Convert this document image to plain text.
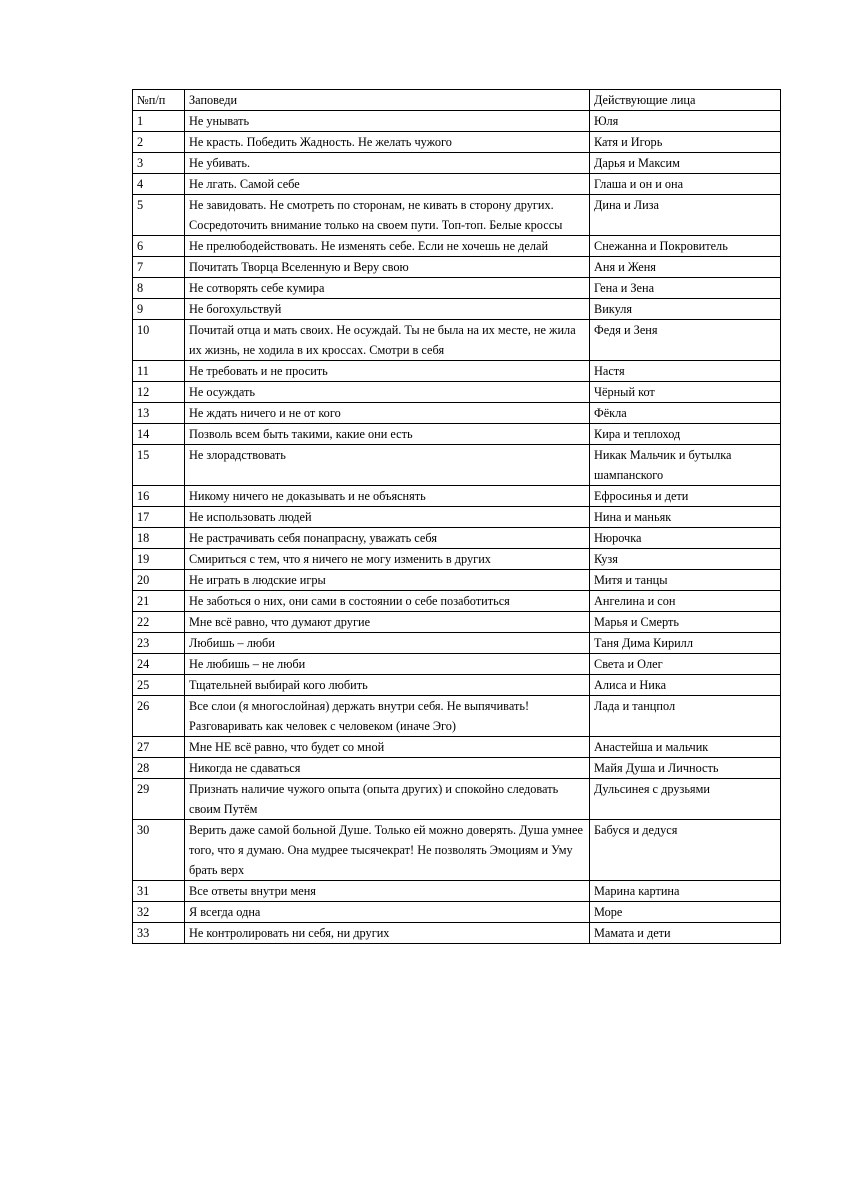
№п/п	Заповеди	Действующие лица
1	Не унывать	Юля
2	Не красть. Победить Жадность. Не желать чужого	Катя и Игорь
3	Не убивать.	Дарья и Максим
4	Не лгать. Самой себе	Глаша и он и она
5	Не завидовать. Не смотреть по сторонам, не кивать в сторону других. Сосредоточить внимание только на своем пути. Топ-топ. Белые кроссы	Дина и Лиза
6	Не прелюбодействовать. Не изменять себе. Если не хочешь не делай	Снежанна и Покровитель
7	Почитать Творца Вселенную и Веру свою	Аня и Женя
8	Не сотворять себе кумира	Гена и Зена
9	Не богохульствуй	Викуля
10	Почитай отца и мать своих. Не осуждай. Ты не была на их месте, не жила их жизнь, не ходила в их кроссах. Смотри в себя	Федя и Зеня
11	Не требовать и не просить	Настя
12	Не осуждать	Чёрный кот
13	Не ждать ничего и не от кого	Фёкла
14	Позволь всем быть такими, какие они есть	Кира и теплоход
15	Не злорадствовать	Никак Мальчик и бутылка шампанского
16	Никому ничего не доказывать и не объяснять	Ефросинья и дети
17	Не использовать людей	Нина и маньяк
18	Не растрачивать себя понапрасну, уважать себя	Нюрочка
19	Смириться с тем, что я ничего не могу изменить в других	Кузя
20	Не играть в людские игры	Митя и танцы
21	Не заботься о них, они сами в состоянии о себе позаботиться	Ангелина и сон
22	Мне всё равно, что думают другие	Марья и Смерть
23	Любишь – люби	Таня Дима Кирилл
24	Не любишь – не люби	Света и Олег
25	Тщательней выбирай кого любить	Алиса и Ника
26	Все слои (я многослойная) держать внутри себя. Не выпячивать! Разговаривать как человек с человеком (иначе Эго)	Лада и танцпол
27	Мне НЕ всё равно, что будет со мной	Анастейша и мальчик
28	Никогда не сдаваться	Майя Душа и Личность
29	Признать наличие чужого опыта (опыта других) и спокойно следовать своим Путём	Дульсинея с друзьями
30	Верить даже самой больной Душе. Только ей можно доверять. Душа умнее того, что я думаю. Она мудрее тысячекрат! Не позволять Эмоциям и Уму брать верх	Бабуся и дедуся
31	Все ответы внутри меня	Марина картина
32	Я всегда одна	Море
33	Не контролировать ни себя, ни других	Мамата и дети
